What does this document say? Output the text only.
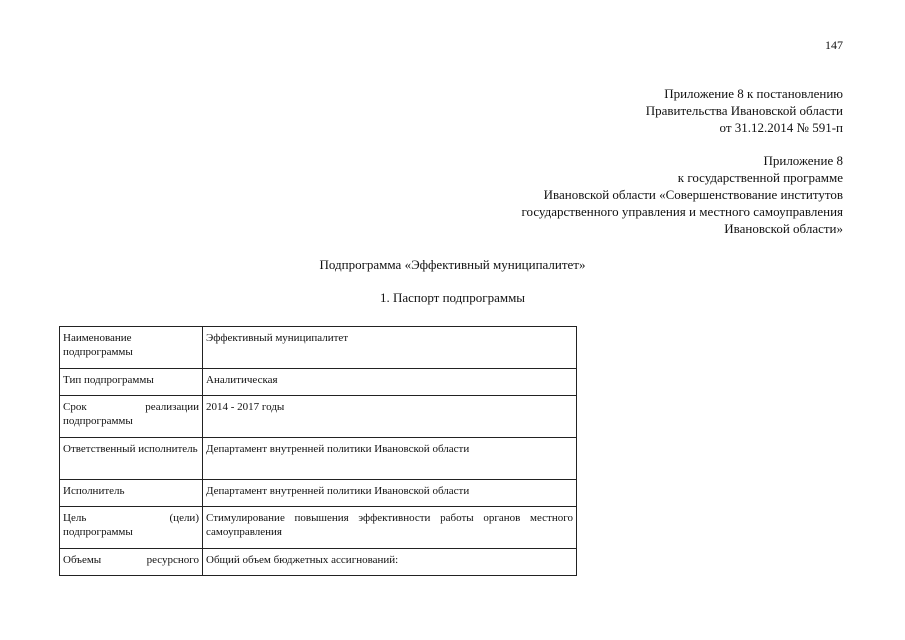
147
Приложение 8 к постановлению
Правительства Ивановской области
от 31.12.2014 № 591-п
Приложение 8
к государственной программе
Ивановской области «Совершенствование институтов
государственного управления и местного самоуправления
Ивановской области»
Подпрограмма «Эффективный муниципалитет»
1. Паспорт подпрограммы
Наименование подпрограммы	Эффективный муниципалитет
Тип подпрограммы	Аналитическая

Срок реализации
подпрограммы	2014 - 2017 годы
Ответственный исполнитель	Департамент внутренней политики Ивановской области
Исполнитель	Департамент внутренней политики Ивановской области

Цель (цели)
подпрограммы	Стимулирование повышения эффективности работы органов местного самоуправления

Объемы ресурсного	Общий объем бюджетных ассигнований:
